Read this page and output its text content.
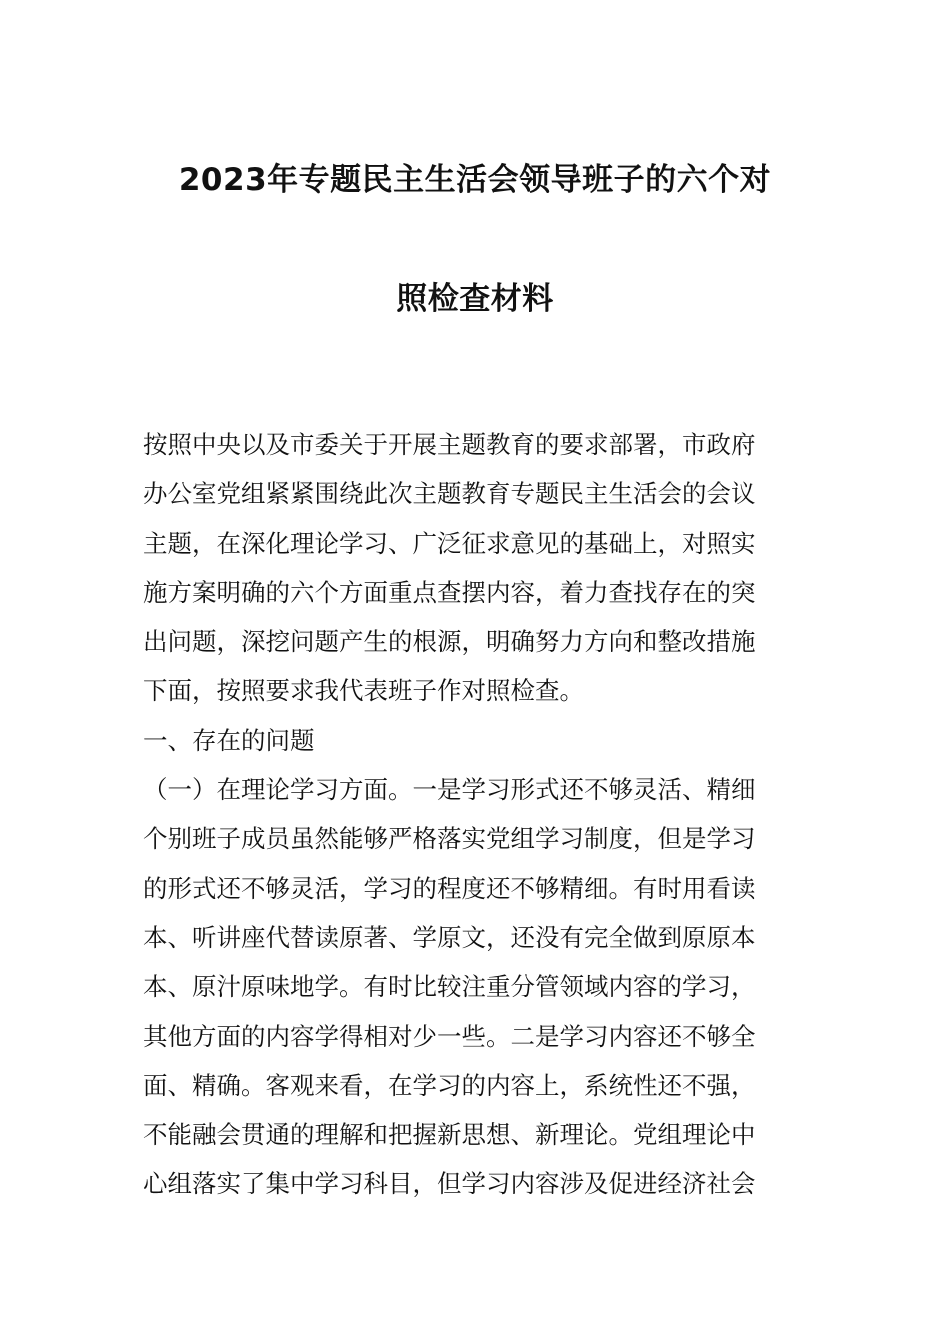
2023年专题民主生活会领导班子的六个对
照检查材料
按照中央以及市委关于开展主题教育的要求部署，市政府
办公室党组紧紧围绕此次主题教育专题民主生活会的会议
主题，在深化理论学习、广泛征求意见的基础上，对照实
施方案明确的六个方面重点查摆内容，着力查找存在的突
出问题，深挖问题产生的根源，明确努力方向和整改措施
下面，按照要求我代表班子作对照检查。
一、存在的问题
（一）在理论学习方面。一是学习形式还不够灵活、精细
个别班子成员虽然能够严格落实党组学习制度，但是学习
的形式还不够灵活，学习的程度还不够精细。有时用看读
本、听讲座代替读原著、学原文，还没有完全做到原原本
本、原汁原味地学。有时比较注重分管领域内容的学习，
其他方面的内容学得相对少一些。二是学习内容还不够全
面、精确。客观来看，在学习的内容上，系统性还不强，
不能融会贯通的理解和把握新思想、新理论。党组理论中
心组落实了集中学习科目，但学习内容涉及促进经济社会
